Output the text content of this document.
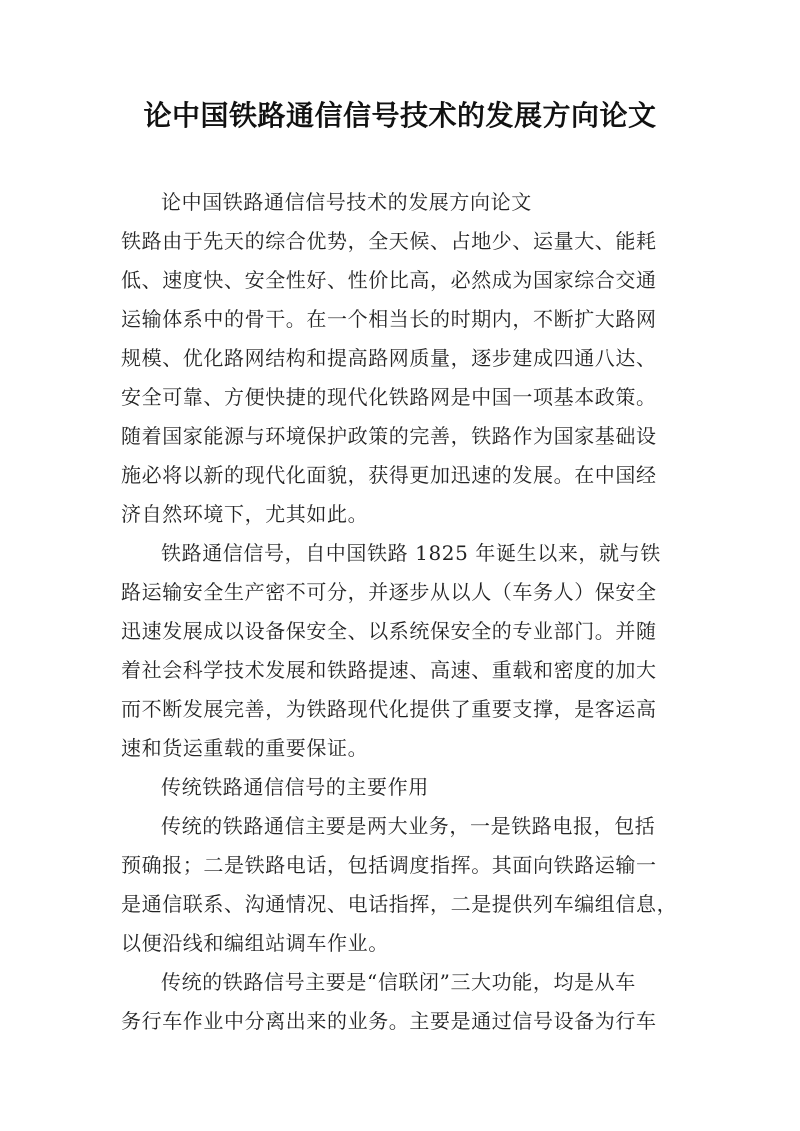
论中国铁路通信信号技术的发展方向论文
论中国铁路通信信号技术的发展方向论文
铁路由于先天的综合优势，全天候、占地少、运量大、能耗
低、速度快、安全性好、性价比高，必然成为国家综合交通
运输体系中的骨干。在一个相当长的时期内，不断扩大路网
规模、优化路网结构和提高路网质量，逐步建成四通八达、
安全可靠、方便快捷的现代化铁路网是中国一项基本政策。
随着国家能源与环境保护政策的完善，铁路作为国家基础设
施必将以新的现代化面貌，获得更加迅速的发展。在中国经
济自然环境下，尤其如此。
铁路通信信号，自中国铁路 1825 年诞生以来，就与铁
路运输安全生产密不可分，并逐步从以人（车务人）保安全
迅速发展成以设备保安全、以系统保安全的专业部门。并随
着社会科学技术发展和铁路提速、高速、重载和密度的加大
而不断发展完善，为铁路现代化提供了重要支撑，是客运高
速和货运重载的重要保证。
传统铁路通信信号的主要作用
传统的铁路通信主要是两大业务，一是铁路电报，包括
预确报；二是铁路电话，包括调度指挥。其面向铁路运输一
是通信联系、沟通情况、电话指挥，二是提供列车编组信息，
以便沿线和编组站调车作业。
传统的铁路信号主要是“信联闭”三大功能，均是从车
务行车作业中分离出来的业务。主要是通过信号设备为行车
